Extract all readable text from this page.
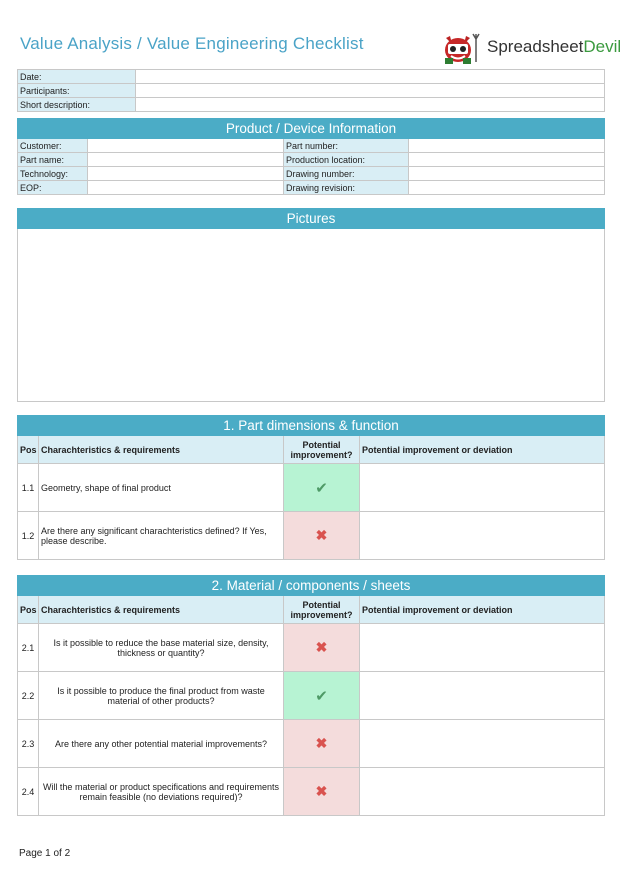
Value Analysis / Value Engineering Checklist	SpreadsheetDevil
Date:	
Participants:	
Short description:	
Product / Device Information			
Customer:		Part number:	
Part name:		Production location:	
Technology:		Drawing number:	
EOP:		Drawing revision:	
Pictures

1. Part dimensions & function			
Pos	Charachteristics & requirements	Potential
improvement?	Potential improvement or deviation
1.1	Geometry, shape of final product	✔	
1.2	Are there any significant charachteristics defined? If Yes, please describe.	✖	
2. Material / components / sheets			
Pos	Charachteristics & requirements	Potential
improvement?	Potential improvement or deviation
2.1	Is it possible to reduce the base material size, density, thickness or quantity?	✖	
2.2	Is it possible to produce the final product from waste material of other products?	✔	
2.3	Are there any other potential material improvements?	✖	
2.4	Will the material or product specifications and requirements remain feasible (no deviations required)?	✖	
Page 1 of 2
